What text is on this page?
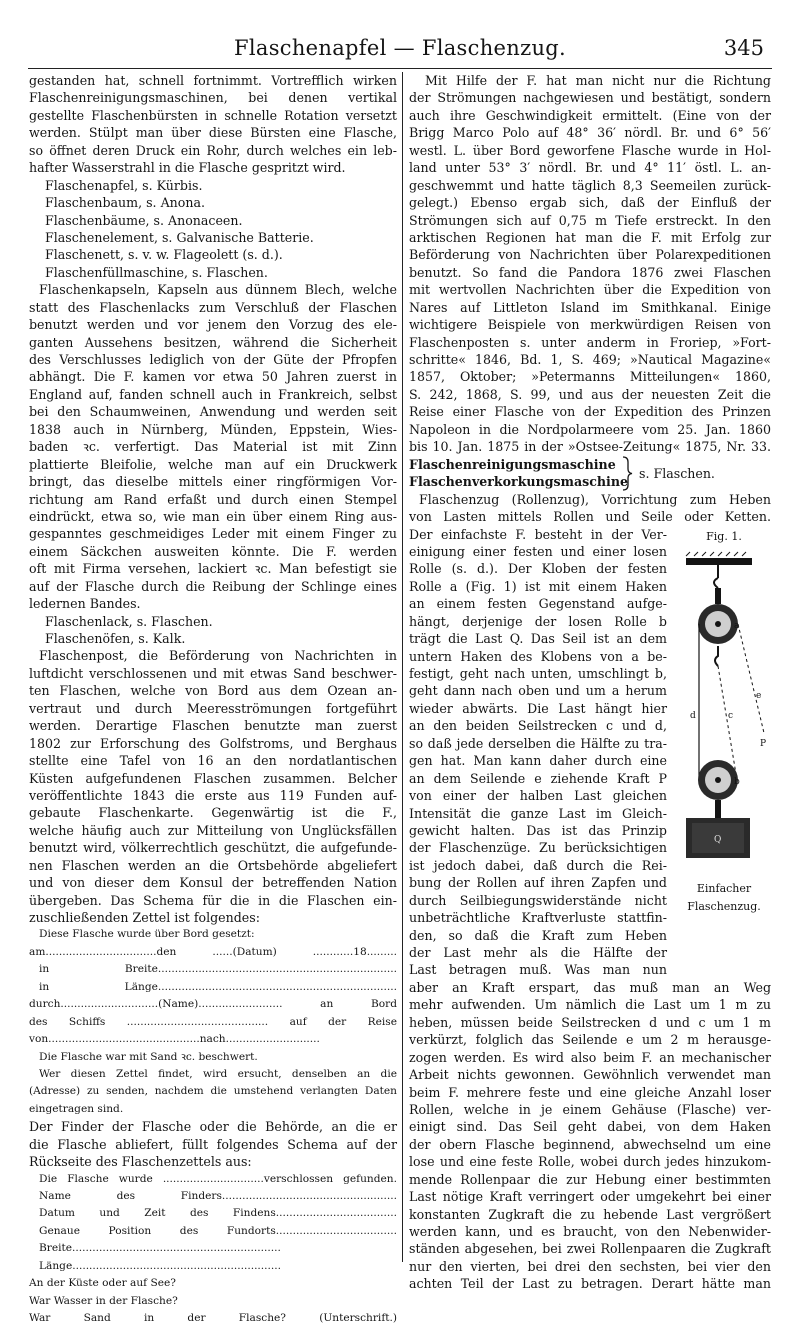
Flaschenapfel — Flaschenzug.	345
gestanden hat, schnell fortnimmt. Vortrefflich wirken
Flaschenreinigungsmaschinen, bei denen vertikal
gestellte Flaschenbürsten in schnelle Rotation versetzt
werden. Stülpt man über diese Bürsten eine Flasche,
so öffnet deren Druck ein Rohr, durch welches ein leb-
hafter Wasserstrahl in die Flasche gespritzt wird.
Flaschenapfel, s. Kürbis.
Flaschenbaum, s. Anona.
Flaschenbäume, s. Anonaceen.
Flaschenelement, s. Galvanische Batterie.
Flaschenett, s. v. w. Flageolett (s. d.).
Flaschenfüllmaschine, s. Flaschen.
Flaschenkapseln, Kapseln aus dünnem Blech, welche
statt des Flaschenlacks zum Verschluß der Flaschen
benutzt werden und vor jenem den Vorzug des ele-
ganten Aussehens besitzen, während die Sicherheit
des Verschlusses lediglich von der Güte der Pfropfen
abhängt. Die F. kamen vor etwa 50 Jahren zuerst in
England auf, fanden schnell auch in Frankreich, selbst
bei den Schaumweinen, Anwendung und werden seit
1838 auch in Nürnberg, Münden, Eppstein, Wies-
baden ꝛc. verfertigt. Das Material ist mit Zinn
plattierte Bleifolie, welche man auf ein Druckwerk
bringt, das dieselbe mittels einer ringförmigen Vor-
richtung am Rand erfaßt und durch einen Stempel
eindrückt, etwa so, wie man ein über einem Ring aus-
gespanntes geschmeidiges Leder mit einem Finger zu
einem Säckchen ausweiten könnte. Die F. werden
oft mit Firma versehen, lackiert ꝛc. Man befestigt sie
auf der Flasche durch die Reibung der Schlinge eines
ledernen Bandes.
Flaschenlack, s. Flaschen.
Flaschenöfen, s. Kalk.
Flaschenpost, die Beförderung von Nachrichten in
luftdicht verschlossenen und mit etwas Sand beschwer-
ten Flaschen, welche von Bord aus dem Ozean an-
vertraut und durch Meeresströmungen fortgeführt
werden. Derartige Flaschen benutzte man zuerst
1802 zur Erforschung des Golfstroms, und Berghaus
stellte eine Tafel von 16 an den nordatlantischen
Küsten aufgefundenen Flaschen zusammen. Belcher
veröffentlichte 1843 die erste aus 119 Funden auf-
gebaute Flaschenkarte. Gegenwärtig ist die F.,
welche häufig auch zur Mitteilung von Unglücksfällen
benutzt wird, völkerrechtlich geschützt, die aufgefunde-
nen Flaschen werden an die Ortsbehörde abgeliefert
und von dieser dem Konsul der betreffenden Nation
übergeben. Das Schema für die in die Flaschen ein-
zuschließenden Zettel ist folgendes:
Diese Flasche wurde über Bord gesetzt:
am.................................den ......(Datum) ............18.........
in Breite.......................................................................
in Länge.......................................................................
durch.............................(Name)......................... an Bord
des Schiffs .......................................... auf der Reise
von.............................................nach............................
Die Flasche war mit Sand ꝛc. beschwert.
Wer diesen Zettel findet, wird ersucht, denselben an die
(Adresse) zu senden, nachdem die umstehend verlangten Daten
eingetragen sind.
Der Finder der Flasche oder die Behörde, an die er
die Flasche abliefert, füllt folgendes Schema auf der
Rückseite des Flaschenzettels aus:
Die Flasche wurde ..............................verschlossen gefunden.
Name des Finders....................................................
Datum und Zeit des Findens....................................
Genaue Position des Fundorts....................................
Breite..............................................................
Länge..............................................................
An der Küste oder auf See?
War Wasser in der Flasche?
War Sand in der Flasche? (Unterschrift.)
Mit Hilfe der F. hat man nicht nur die Richtung
der Strömungen nachgewiesen und bestätigt, sondern
auch ihre Geschwindigkeit ermittelt. (Eine von der
Brigg Marco Polo auf 48° 36′ nördl. Br. und 6° 56′
westl. L. über Bord geworfene Flasche wurde in Hol-
land unter 53° 3′ nördl. Br. und 4° 11′ östl. L. an-
geschwemmt und hatte täglich 8,3 Seemeilen zurück-
gelegt.) Ebenso ergab sich, daß der Einfluß der
Strömungen sich auf 0,75 m Tiefe erstreckt. In den
arktischen Regionen hat man die F. mit Erfolg zur
Beförderung von Nachrichten über Polarexpeditionen
benutzt. So fand die Pandora 1876 zwei Flaschen
mit wertvollen Nachrichten über die Expedition von
Nares auf Littleton Island im Smithkanal. Einige
wichtigere Beispiele von merkwürdigen Reisen von
Flaschenposten s. unter anderm in Froriep, »Fort-
schritte« 1846, Bd. 1, S. 469; »Nautical Magazine«
1857, Oktober; »Petermanns Mitteilungen« 1860,
S. 242, 1868, S. 99, und aus der neuesten Zeit die
Reise einer Flasche von der Expedition des Prinzen
Napoleon in die Nordpolarmeere vom 25. Jan. 1860
bis 10. Jan. 1875 in der »Ostsee-Zeitung« 1875, Nr. 33.
Flaschenreinigungsmaschine
Flaschenverkorkungsmaschine
s. Flaschen.
Flaschenzug (Rollenzug), Vorrichtung zum Heben
von Lasten mittels Rollen und Seile oder Ketten.
Der einfachste F. besteht in der Ver-
einigung einer festen und einer losen
Rolle (s. d.). Der Kloben der festen
Rolle a (Fig. 1) ist mit einem Haken
an einem festen Gegenstand aufge-
hängt, derjenige der losen Rolle b
trägt die Last Q. Das Seil ist an dem
untern Haken des Klobens von a be-
festigt, geht nach unten, umschlingt b,
geht dann nach oben und um a herum
wieder abwärts. Die Last hängt hier
an den beiden Seilstrecken c und d,
so daß jede derselben die Hälfte zu tra-
gen hat. Man kann daher durch eine
an dem Seilende e ziehende Kraft P
von einer der halben Last gleichen
Intensität die ganze Last im Gleich-
gewicht halten. Das ist das Prinzip
der Flaschenzüge. Zu berücksichtigen
ist jedoch dabei, daß durch die Rei-
bung der Rollen auf ihren Zapfen und
durch Seilbiegungswiderstände nicht
unbeträchtliche Kraftverluste stattfin-
den, so daß die Kraft zum Heben
der Last mehr als die Hälfte der
Last betragen muß. Was man nun
aber an Kraft erspart, das muß man an Weg
mehr aufwenden. Um nämlich die Last um 1 m zu
heben, müssen beide Seilstrecken d und c um 1 m
verkürzt, folglich das Seilende e um 2 m herausge-
zogen werden. Es wird also beim F. an mechanischer
Arbeit nichts gewonnen. Gewöhnlich verwendet man
beim F. mehrere feste und eine gleiche Anzahl loser
Rollen, welche in je einem Gehäuse (Flasche) ver-
einigt sind. Das Seil geht dabei, von dem Haken
der obern Flasche beginnend, abwechselnd um eine
lose und eine feste Rolle, wobei durch jedes hinzukom-
mende Rollenpaar die zur Hebung einer bestimmten
Last nötige Kraft verringert oder umgekehrt bei einer
konstanten Zugkraft die zu hebende Last vergrößert
werden kann, und es braucht, von den Nebenwider-
ständen abgesehen, bei zwei Rollenpaaren die Zugkraft
nur den vierten, bei drei den sechsten, bei vier den
achten Teil der Last zu betragen. Derart hätte man
Fig. 1.
a
b
c
d
e
P
Q
Einfacher
Flaschenzug.
